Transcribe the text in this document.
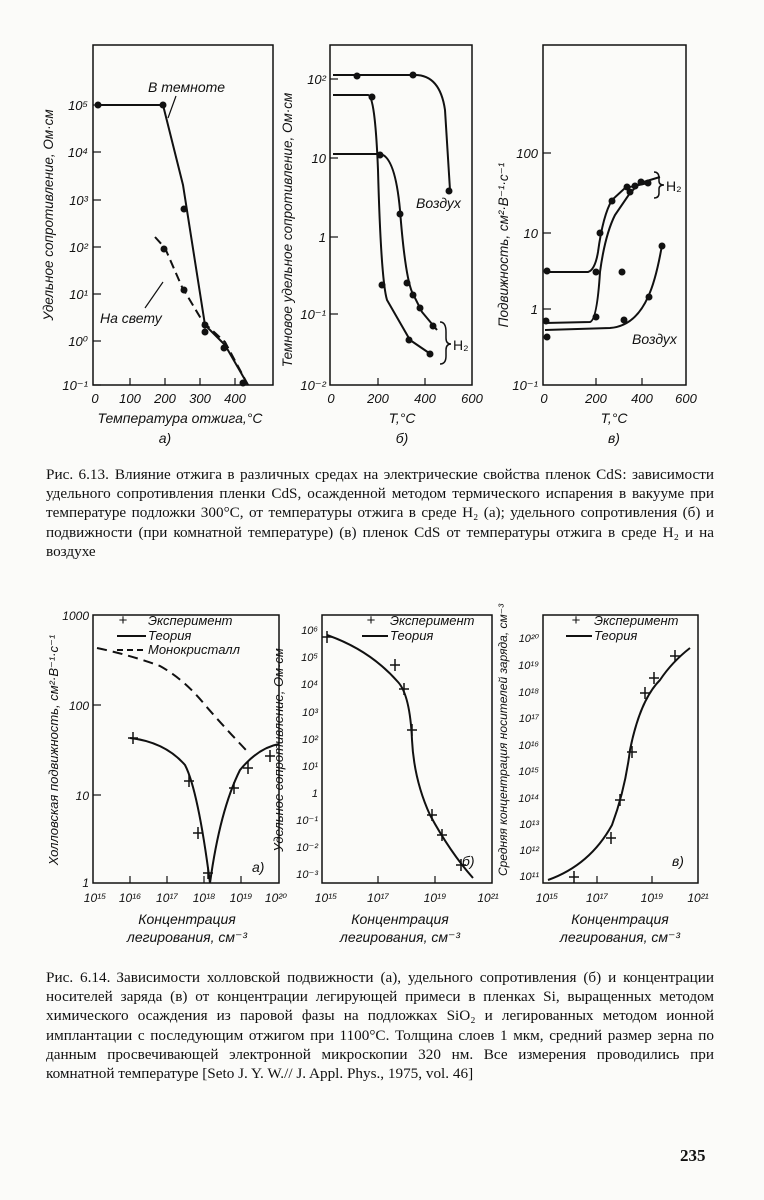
10⁵
10⁴
10³
10²
10¹
10⁰
10⁻¹
0 100 200 300 400
Удельное сопротивление, Ом·см
Температура отжига,°С
а)
В темноте
На свету
10²
10
1
10⁻¹
10⁻²
0	200 400 600
Темновое удельное сопротивление, Ом·см
T,°С
б)
Воздух
H₂
100
10
1
10⁻¹
0	200 400 600
Подвижность, см²·В⁻¹·с⁻¹
T,°С
в)
H₂
Воздух

Рис. 6.13. Влияние отжига в различных средах на электрические свойства пленок CdS: зависимости удельного сопротивления пленки CdS, осажденной методом термического испарения в вакууме при температуре подложки 300°С, от температуры отжига в среде H₂ (а); удельного сопротивления (б) и подвижности (при комнатной температуре) (в) пленок CdS от температуры отжига в среде H₂ и на воздухе

1000
100
10
1
10¹⁵ 10¹⁶ 10¹⁷ 10¹⁸ 10¹⁹ 10²⁰
Холловская подвижность, см²·В⁻¹·с⁻¹
Концентрация
легирования, см⁻³
а)
+ Эксперимент
Теория
Монокристалл
10⁶
10⁵
10⁴
10³
10²
10¹
1
10⁻¹
10⁻²
10⁻³
10¹⁵ 10¹⁷	10¹⁹	10²¹
Удельное сопротивление, Ом·см
Концентрация
легирования, см⁻³
б)
+ Эксперимент
Теория	10²⁰
10¹⁹
10¹⁸
10¹⁷
10¹⁶
10¹⁵
10¹⁴
10¹³
10¹²
10¹¹
10¹⁵ 10¹⁷	10¹⁹ 10²¹
Средняя концентрация носителей заряда, см⁻³
Концентрация
легирования, см⁻³
в)
+ Эксперимент
Теория

Рис. 6.14. Зависимости холловской подвижности (а), удельного сопротивления (б) и концентрации носителей заряда (в) от концентрации легирующей примеси в пленках Si, выращенных методом химического осаждения из паровой фазы на подложках SiO₂ и легированных методом ионной имплантации с последующим отжигом при 1100°С. Толщина слоев 1 мкм, средний размер зерна по данным просвечивающей электронной микроскопии 320 нм. Все измерения проводились при комнатной температуре [Seto J. Y. W.// J. Appl. Phys., 1975, vol. 46]

235
